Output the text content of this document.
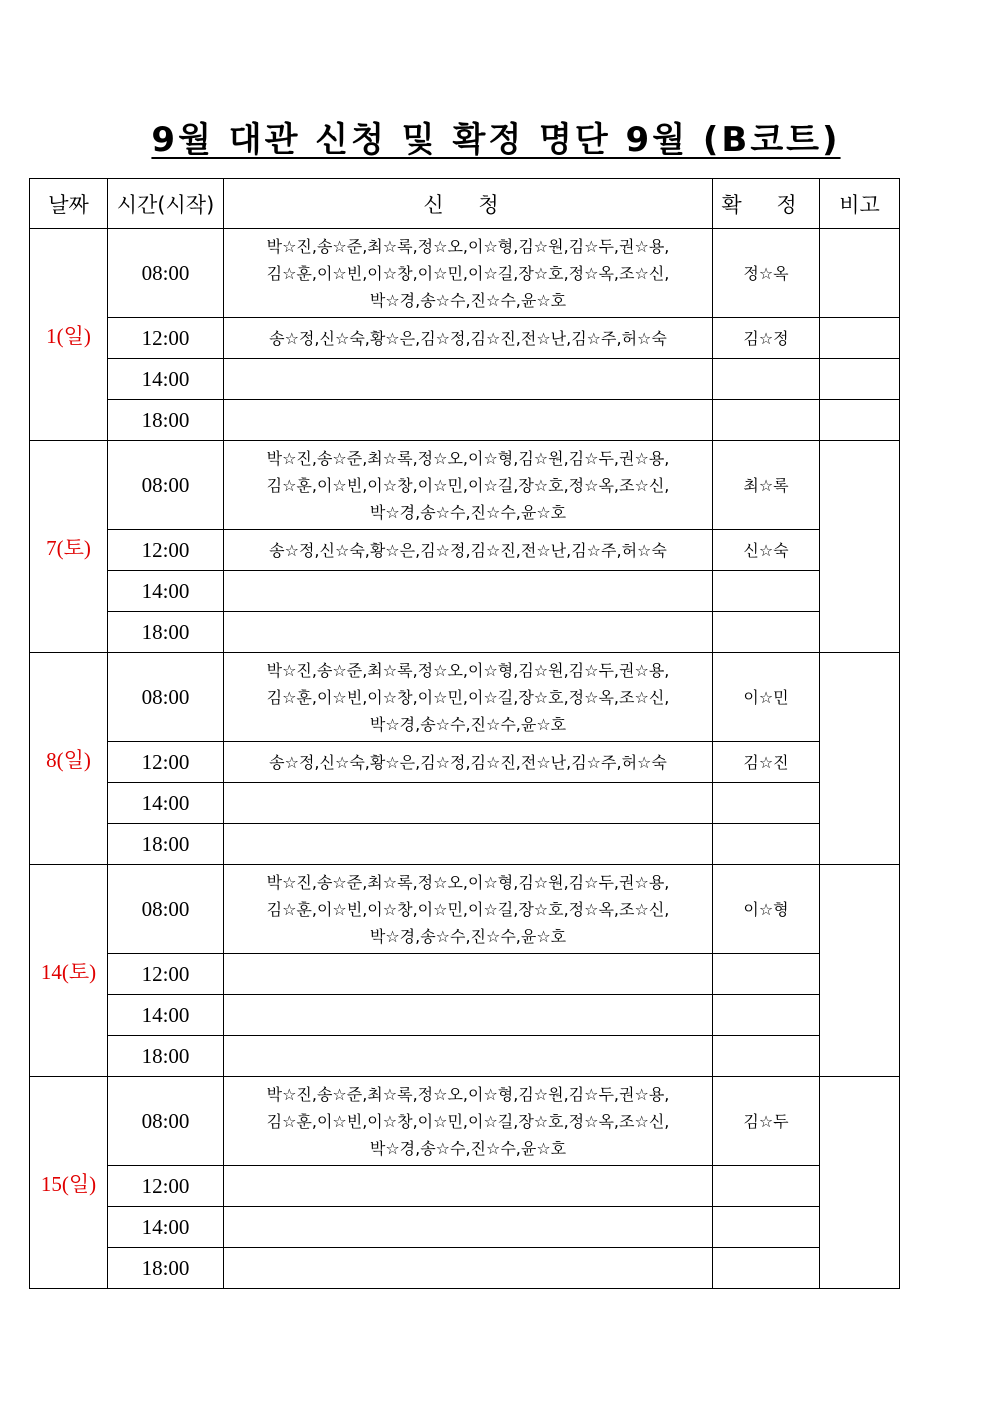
9월 대관 신청 및 확정 명단 9월 (B코트)
날짜	시간(시작)	신 청	확 정	비고
1(일)	08:00	박☆진,송☆준,최☆록,정☆오,이☆형,김☆원,김☆두,권☆용,
김☆훈,이☆빈,이☆창,이☆민,이☆길,장☆호,정☆옥,조☆신,
박☆경,송☆수,진☆수,윤☆호	정☆옥	
	12:00	송☆정,신☆숙,황☆은,김☆정,김☆진,전☆난,김☆주,허☆숙	김☆정	
	14:00			
	18:00			
7(토)	08:00	박☆진,송☆준,최☆록,정☆오,이☆형,김☆원,김☆두,권☆용,
김☆훈,이☆빈,이☆창,이☆민,이☆길,장☆호,정☆옥,조☆신,
박☆경,송☆수,진☆수,윤☆호	최☆록	
	12:00	송☆정,신☆숙,황☆은,김☆정,김☆진,전☆난,김☆주,허☆숙	신☆숙	
	14:00			
	18:00			
8(일)	08:00	박☆진,송☆준,최☆록,정☆오,이☆형,김☆원,김☆두,권☆용,
김☆훈,이☆빈,이☆창,이☆민,이☆길,장☆호,정☆옥,조☆신,
박☆경,송☆수,진☆수,윤☆호	이☆민	
	12:00	송☆정,신☆숙,황☆은,김☆정,김☆진,전☆난,김☆주,허☆숙	김☆진	
	14:00			
	18:00			
14(토)	08:00	박☆진,송☆준,최☆록,정☆오,이☆형,김☆원,김☆두,권☆용,
김☆훈,이☆빈,이☆창,이☆민,이☆길,장☆호,정☆옥,조☆신,
박☆경,송☆수,진☆수,윤☆호	이☆형	
	12:00			
	14:00			
	18:00			
15(일)	08:00	박☆진,송☆준,최☆록,정☆오,이☆형,김☆원,김☆두,권☆용,
김☆훈,이☆빈,이☆창,이☆민,이☆길,장☆호,정☆옥,조☆신,
박☆경,송☆수,진☆수,윤☆호	김☆두	
	12:00			
	14:00			
	18:00			
